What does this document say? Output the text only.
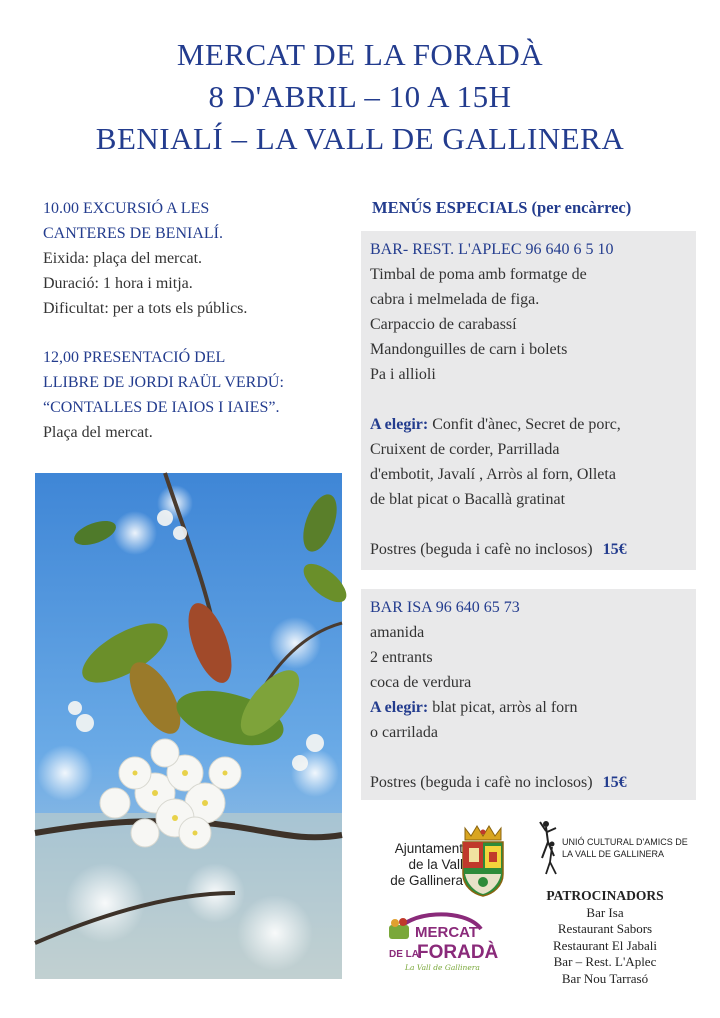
MERCAT DE LA FORADÀ
8 D'ABRIL – 10 A 15H
BENIALÍ – LA VALL DE GALLINERA
10.00 EXCURSIÓ A LES
CANTERES DE BENIALÍ.
Eixida: plaça del mercat.
Duració: 1 hora i mitja.
Dificultat: per a tots els públics.
12,00 PRESENTACIÓ DEL
LLIBRE DE JORDI RAÜL VERDÚ:
“CONTALLES DE IAIOS I IAIES”.
Plaça del mercat.
MENÚS ESPECIALS (per encàrrec)
BAR- REST. L'APLEC 96 640 6 5 10
Timbal de poma amb formatge de
cabra i melmelada de figa.
Carpaccio de carabassí
Mandonguilles de carn i bolets
Pa i allioli
A elegir: Confit d'ànec, Secret de porc,
Cruixent de corder, Parrillada
d'embotit, Javalí , Arròs al forn, Olleta
de blat picat o Bacallà gratinat
Postres (beguda i cafè no inclosos) 15€
BAR ISA 96 640 65 73
amanida
2 entrants
coca de verdura
A elegir: blat picat, arròs al forn
o carrilada
Postres (beguda i cafè no inclosos) 15€
Ajuntament
de la Vall
de Gallinera
MERCAT
DE LA
FORADÀ
La Vall de Gallinera
UNIÓ CULTURAL D'AMICS DE
LA VALL DE GALLINERA
PATROCINADORS
Bar Isa
Restaurant Sabors
Restaurant El Jabali
Bar – Rest. L'Aplec
Bar Nou Tarrasó
